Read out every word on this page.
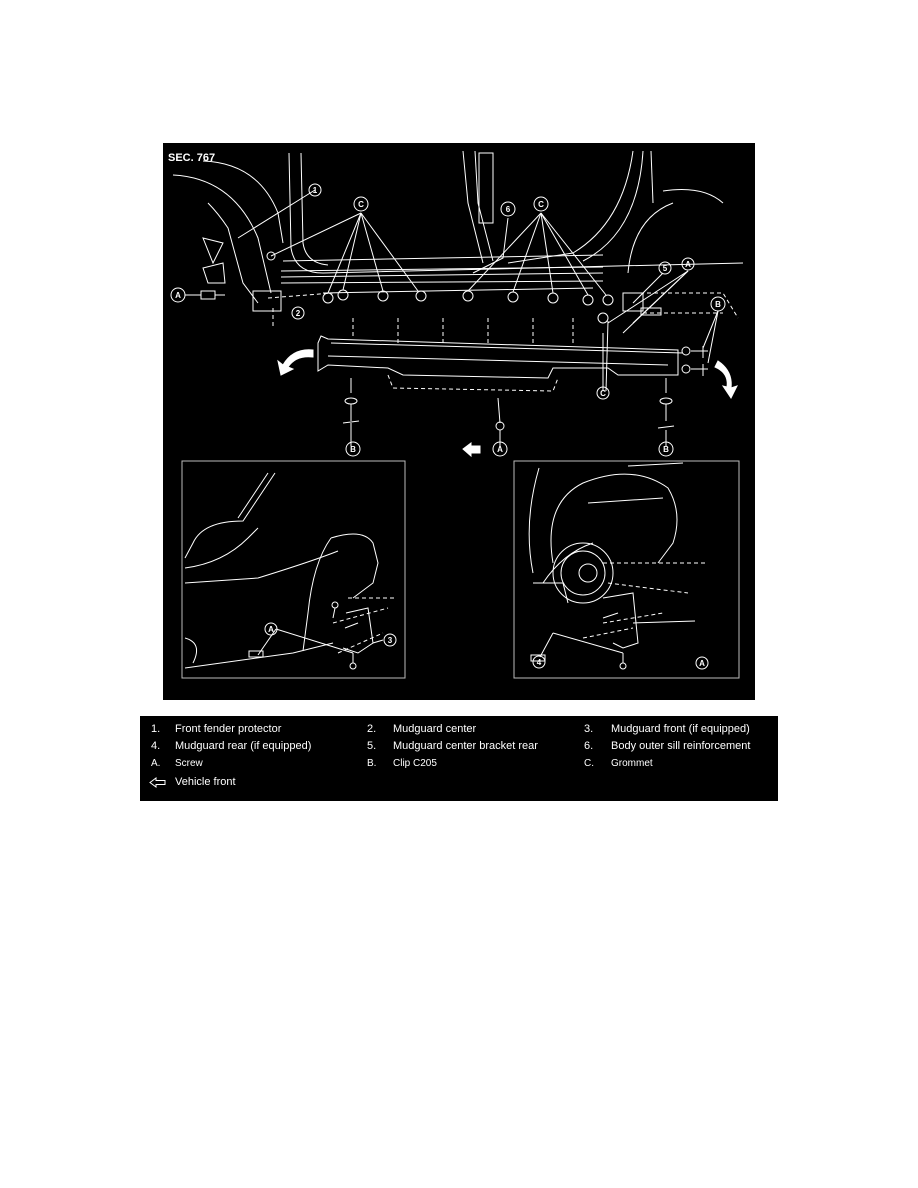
SEC. 767
1
C
6
C
5 A
A
2
B
C
B	A	B
3
A
4	A
1. Front fender protector	2. Mudguard center	3. Mudguard front (if equipped)
4. Mudguard rear (if equipped)	5. Mudguard center bracket rear	6. Body outer sill reinforcement
A. Screw	B. Clip C205	C. Grommet
Vehicle front
